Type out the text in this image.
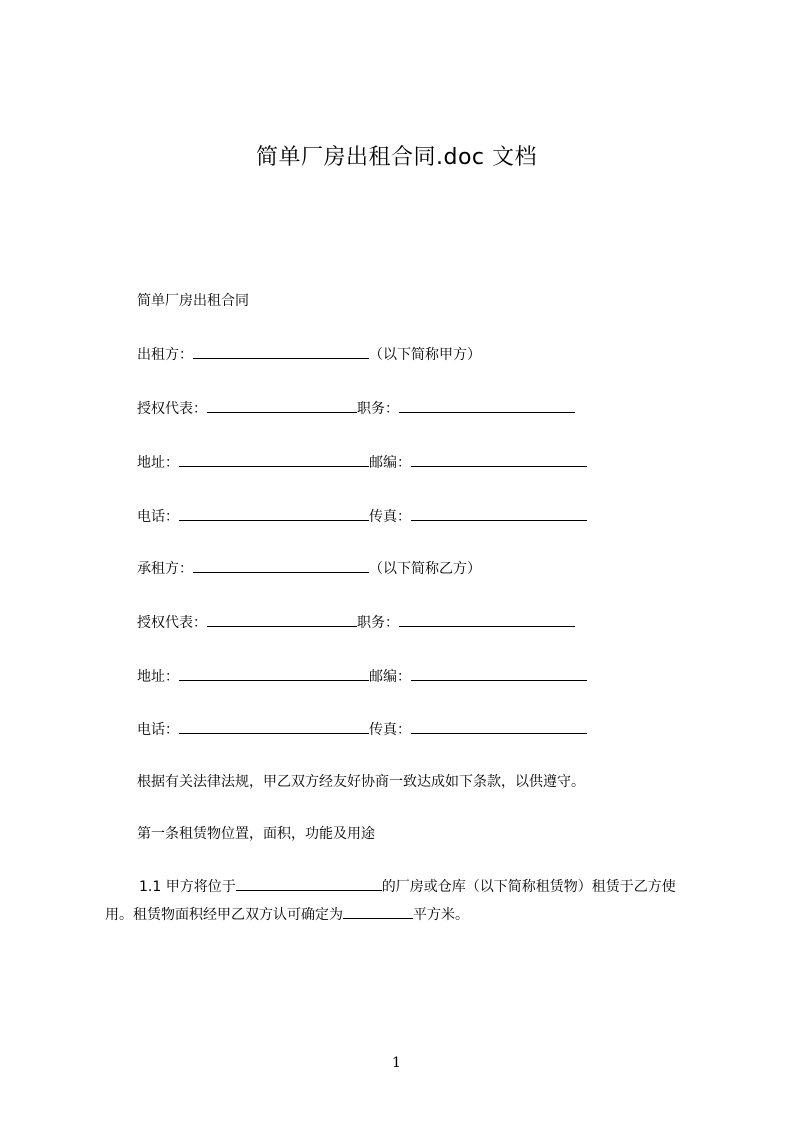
简单厂房出租合同.doc 文档
简单厂房出租合同
出租方：	（以下简称甲方）
授权代表：	职务：
地址：	邮编：
电话：	传真：
承租方：	（以下简称乙方）
授权代表：	职务：
地址：	邮编：
电话：	传真：
根据有关法律法规，甲乙双方经友好协商一致达成如下条款，以供遵守。
第一条租赁物位置，面积，功能及用途
1.1 甲方将位于	的厂房或仓库（以下简称租赁物）租赁于乙方使用。租赁物面积经甲乙双方认可确定为	平方米。
1
